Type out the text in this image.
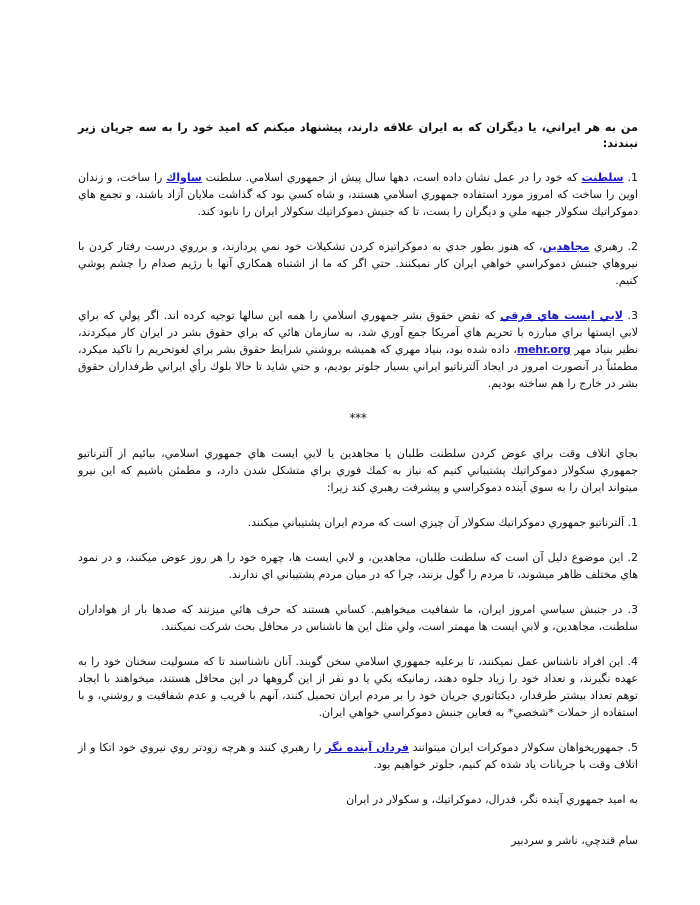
من به هر ايراني، يا ديگران كه به ايران علاقه دارند، پيشنهاد ميكنم كه اميد خود را به سه جريان زير نبندند:

1. سلطنت كه خود را در عمل نشان داده است، دهها سال پيش از جمهوري اسلامي. سلطنت ساواك را ساخت، و زندان اوين را ساخت كه امروز مورد استفاده جمهوري اسلامي هستند، و شاه كسي بود كه گذاشت ملايان آزاد باشند، و تجمع هاي دموكراتيك سكولار جبهه ملي و ديگران را بست، تا كه جنبش دموكراتيك سكولار ايران را نابود كند.

2. رهبري مجاهدين، كه هنوز بطور جدي به دموكراتيزه كردن تشكيلات خود نمي پردازند، و برروي درست رفتار كردن با نيروهاي جنبش دموكراسي خواهي ايران كار نميكنند. حتي اگر كه ما از اشتباه همكاري آنها با رژيم صدام را چشم پوشي كنيم.

3. لابي ايست هاي فرقي كه نقض حقوق بشر جمهوري اسلامي را همه اين سالها توجيه كرده اند. اگر پولي كه براي لابي ايستها براي مبارزه با تحريم هاي آمريكا جمع آوري شد، به سازمان هائي كه براي حقوق بشر در ايران كار ميكردند، نظير بنياد مهر mehr.org، داده شده بود، بنياد مهري كه هميشه بروشني شرايط حقوق بشر براي لغوتحريم را تاكيد ميكرد، مطمئناً در آنصورت امروز در ايجاد آلترناتيو ايراني بسيار جلوتر بوديم، و حتي شايد تا حالا بلوك رأي ايراني طرفداران حقوق بشر در خارج را هم ساخته بوديم.

***

بجاي اتلاف وقت براي عوض كردن سلطنت طلبان يا مجاهدين يا لابي ايست هاي جمهوري اسلامي، بيائيم از آلترناتيو جمهوري سكولار دموكراتيك پشتيباني كنيم كه نياز به كمك فوري براي متشكل شدن دارد، و مطمئن باشيم كه اين نيرو ميتواند ايران را به سوي آينده دموكراسي و پيشرفت رهبري كند زيرا:

1. آلترناتيو جمهوري دموكراتيك سكولار آن چيزي است كه مردم ايران پشتيباني ميكنند.

2. اين موضوع دليل آن است كه سلطنت طلبان، مجاهدين، و لابي ايست ها، چهره خود را هر روز عوض ميكنند، و در نمود هاي مختلف ظاهر ميشوند، تا مردم را گول بزنند، چرا كه در ميان مردم پشتيباني اي ندارند.

3. در جنبش سياسي امروز ايران، ما شفافيت ميخواهيم. كساني هستند كه حرف هائي ميزنند كه صدها بار از هواداران سلطنت، مجاهدين، و لابي ايست ها مهمتر است، ولي مثل اين ها ناشناس در محافل بحث شركت نميكنند.

4. اين افراد ناشناس عمل نميكنند، تا برعليه جمهوري اسلامي سخن گويند. آنان ناشناسند تا كه مسوليت سخنان خود را به عهده نگيرند، و تعداد خود را زياد جلوه دهند، زمانيكه يكي يا دو نفر از اين گروهها در اين محافل هستند، ميخواهند با ايجاد توهم تعداد بيشتر طرفدار، ديكتاتوري جريان خود را بر مردم ايران تحميل كنند، آنهم با فريب و عدم شفافيت و روشني، و با استفاده از حملات *شخصي* به فعاين جنبش دموكراسي خواهي ايران.

5. جمهوريخواهان سكولار دموكرات ايران ميتوانند فردان آينده نگر را رهبري كنند و هرچه زودتر روي نيروي خود اتكا و از اتلاف وقت با جريانات ياد شده كم كنيم، جلوتر خواهيم بود.

به اميد جمهوري آينده نگر، فدرال، دموكراتيك، و سكولار در ايران

سام قندچي، ناشر و سردبير
